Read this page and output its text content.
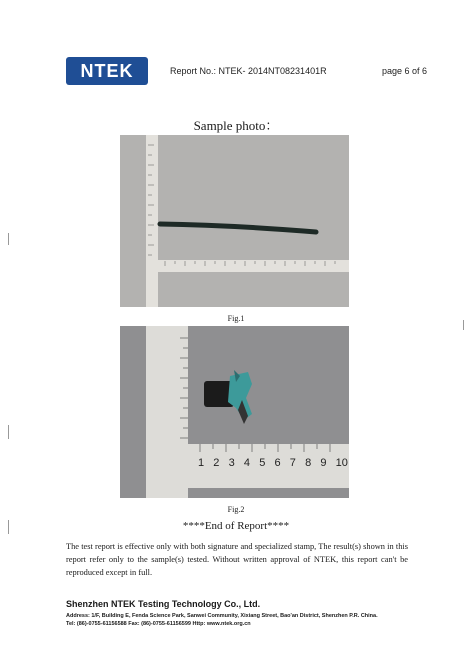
NTEK	Report No.: NTEK- 2014NT08231401R	page 6 of 6
Sample photo：
Fig.1
1 2 3 4 5 6 7 8 9 10
Fig.2
****End of Report****
The test report is effective only with both signature and specialized stamp, The result(s) shown in this report refer only to the sample(s) tested. Without written approval of NTEK, this report can't be reproduced except in full.
Shenzhen NTEK Testing Technology Co., Ltd.
Address: 1/F, Building E, Fenda Science Park, Sanwei Community, Xixiang Street, Bao'an District, Shenzhen P.R. China.
Tel: (86)-0755-61156588 Fax: (86)-0755-61156599 Http: www.ntek.org.cn
